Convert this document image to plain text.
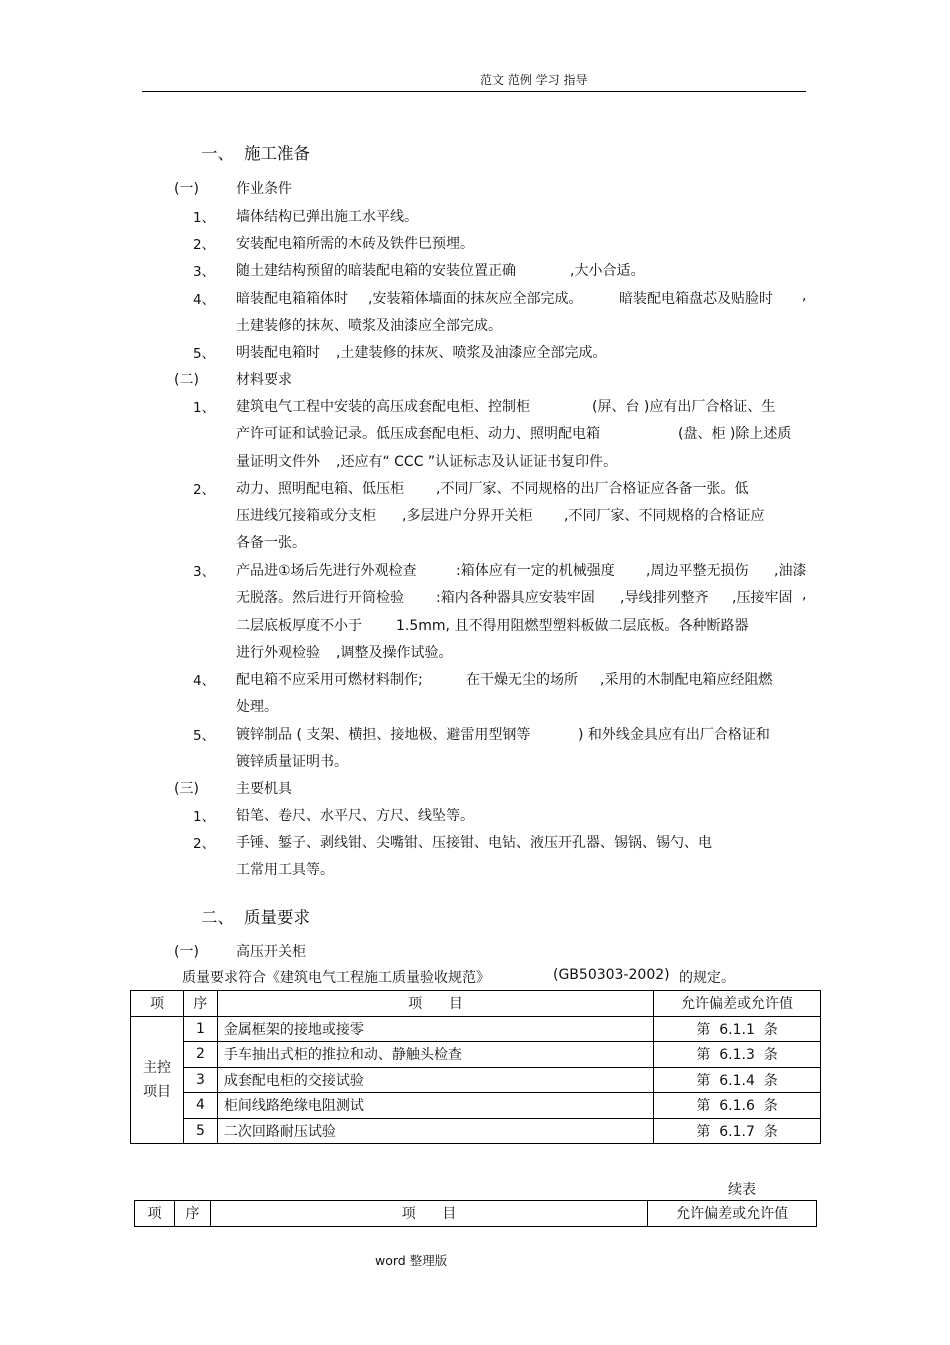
范文 范例 学习 指导
一、 施工准备
(一)	作业条件
1、 墙体结构已弹出施工水平线。
2、 安装配电箱所需的木砖及铁件巳预埋。
3、 随土建结构预留的暗装配电箱的安装位置正确	,大小合适。
4、 暗装配电箱箱体时 ,安装箱体墙面的抹灰应全部完成。	暗装配电箱盘芯及贴脸时 ,
土建装修的抹灰、喷浆及油漆应全部完成。
5、 明装配电箱时 ,土建装修的抹灰、喷浆及油漆应全部完成。
(二)	材料要求
1、 建筑电气工程中安装的高压成套配电柜、控制柜	(屏、台 )应有出厂合格证、生
产许可证和试验记录。低压成套配电柜、动力、照明配电箱	(盘、柜 )除上述质
量证明文件外 ,还应有“ CCC ”认证标志及认证证书复印件。
2、 动力、照明配电箱、低压柜 ,不同厂家、不同规格的出厂合格证应各备一张。低
压进线冗接箱或分支柜 ,多层进户分界开关柜 ,不同厂家、不同规格的合格证应
各备一张。
3、 产品进①场后先进行外观检查	:箱体应有一定的机械强度 ,周边平整无损伤 ,油漆
无脱落。然后进行开筒检验 :箱内各种器具应安装牢固 ,导线排列整齐 ,压接牢固 ,
二层底板厚度不小于 1.5mm, 且不得用阻燃型塑料板做二层底板。各种断路器
进行外观检验 ,调整及操作试验。
4、 配电箱不应采用可燃材料制作;	在干燥无尘的场所 ,采用的木制配电箱应经阻燃
处理。
5、 镀锌制品 ( 支架、横担、接地极、避雷用型钢等	) 和外线金具应有出厂合格证和
镀锌质量证明书。
(三)	主要机具
1、 铅笔、卷尺、水平尺、方尺、线坠等。
2、 手锤、錾子、剥线钳、尖嘴钳、压接钳、电钻、液压开孔器、锡锅、锡勺、电
工常用工具等。
二、 质量要求
(一)	高压开关柜
质量要求符合《建筑电气工程施工质量验收规范》	(GB50303-2002) 的规定。
项	序	项      目	允许偏差或允许值
主控
项目	1	金属框架的接地或接零	第  6.1.1  条
	2	手车抽出式柜的推拉和动、静触头检查	第  6.1.3  条
	3	成套配电柜的交接试验	第  6.1.4  条
	4	柜间线路绝缘电阻测试	第  6.1.6  条
	5	二次回路耐压试验	第  6.1.7  条
续表
项	序	项      目	允许偏差或允许值
word 整理版
